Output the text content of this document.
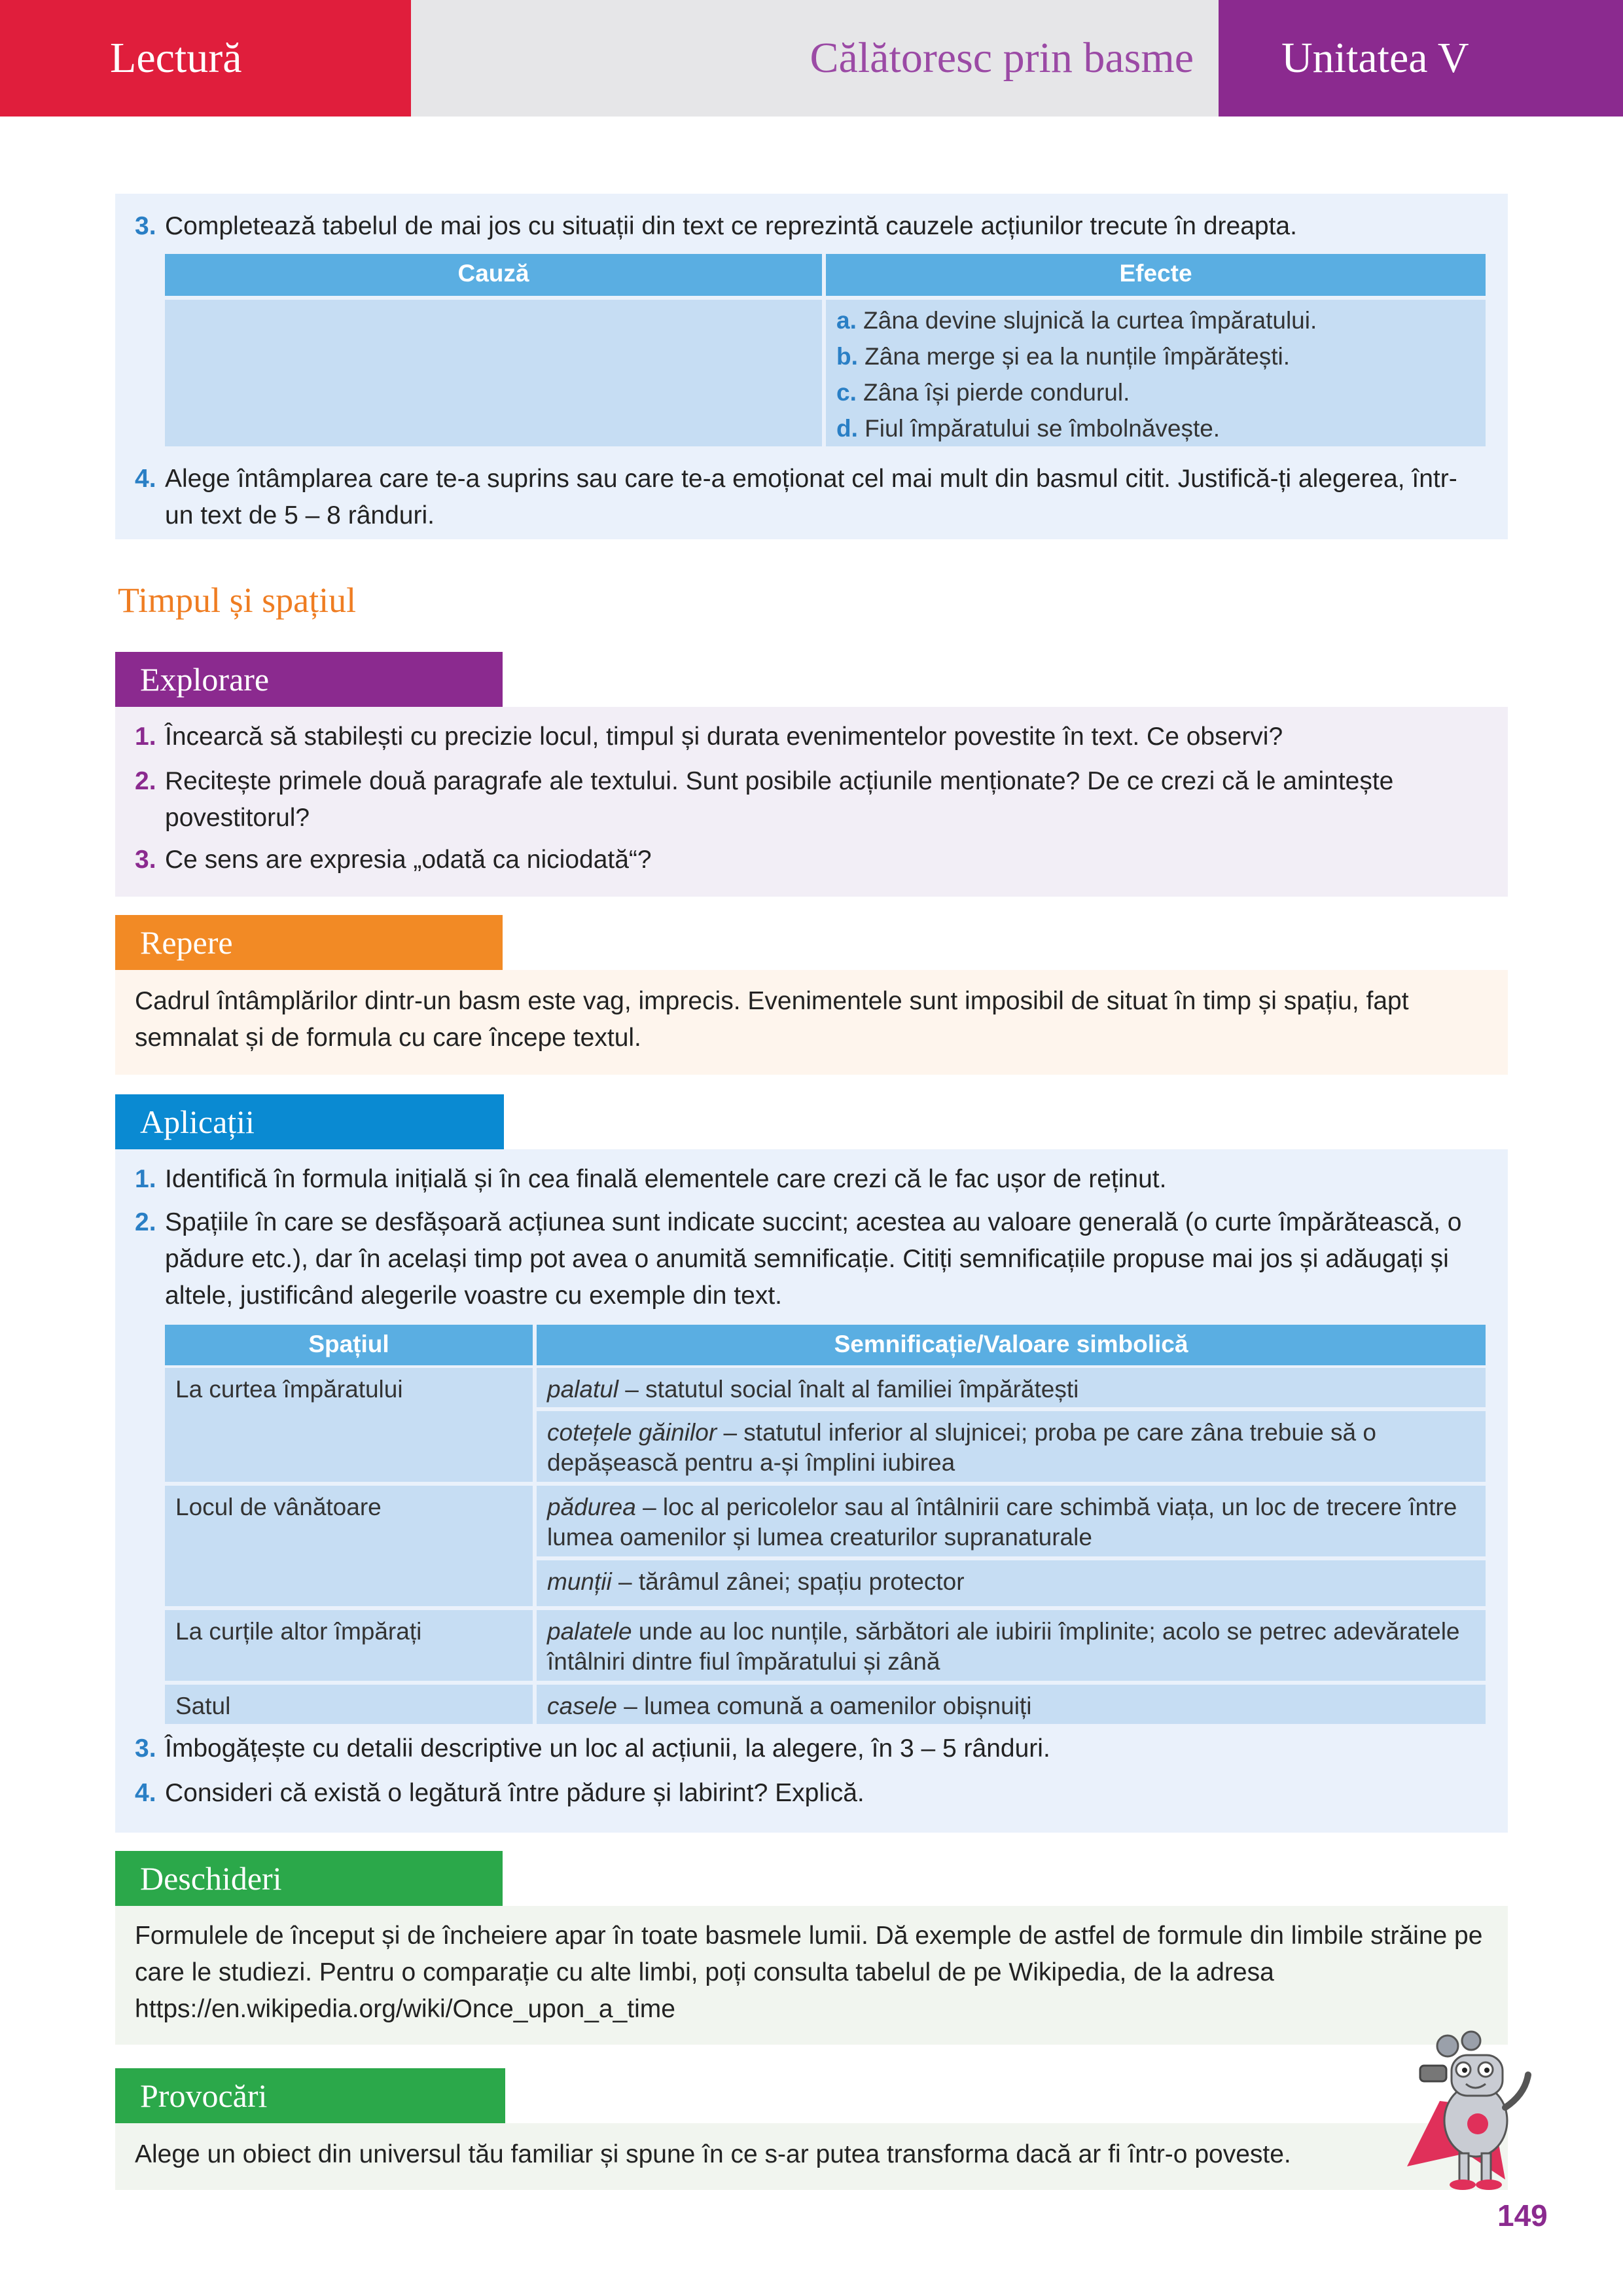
Lectură	Călătoresc prin basme	Unitatea V
3. Completează tabelul de mai jos cu situații din text ce reprezintă cauzele acțiunilor trecute în dreapta.
Cauză	Efecte
a. Zâna devine slujnică la curtea împăratului.
b. Zâna merge și ea la nunțile împărătești.
c. Zâna își pierde condurul.
d. Fiul împăratului se îmbolnăvește.
4. Alege întâmplarea care te-a suprins sau care te-a emoționat cel mai mult din basmul citit. Justifică-ți alegerea, într-un text de 5 – 8 rânduri.
Timpul și spațiul
Explorare
1. Încearcă să stabilești cu precizie locul, timpul și durata evenimentelor povestite în text. Ce observi?
2. Recitește primele două paragrafe ale textului. Sunt posibile acțiunile menționate? De ce crezi că le amintește povestitorul?
3. Ce sens are expresia „odată ca niciodată“?
Repere
Cadrul întâmplărilor dintr-un basm este vag, imprecis. Evenimentele sunt imposibil de situat în timp și spațiu, fapt semnalat și de formula cu care începe textul.
Aplicații
1. Identifică în formula inițială și în cea finală elementele care crezi că le fac ușor de reținut.
2. Spațiile în care se desfășoară acțiunea sunt indicate succint; acestea au valoare generală (o curte împărătească, o pădure etc.), dar în același timp pot avea o anumită semnificație. Citiți semnificațiile propuse mai jos și adăugați și altele, justificând alegerile voastre cu exemple din text.
Spațiul	Semnificație/Valoare simbolică
La curtea împăratului	palatul – statutul social înalt al familiei împărătești
cotețele găinilor – statutul inferior al slujnicei; proba pe care zâna trebuie să o depășească pentru a-și împlini iubirea
Locul de vânătoare	pădurea – loc al pericolelor sau al întâlnirii care schimbă viața, un loc de trecere între lumea oamenilor și lumea creaturilor supranaturale
munții – tărâmul zânei; spațiu protector
La curțile altor împărați	palatele unde au loc nunțile, sărbători ale iubirii împlinite; acolo se petrec adevăratele întâlniri dintre fiul împăratului și zână
Satul	casele – lumea comună a oamenilor obișnuiți
3. Îmbogățește cu detalii descriptive un loc al acțiunii, la alegere, în 3 – 5 rânduri.
4. Consideri că există o legătură între pădure și labirint? Explică.
Deschideri
Formulele de început și de încheiere apar în toate basmele lumii. Dă exemple de astfel de formule din limbile străine pe care le studiezi. Pentru o comparație cu alte limbi, poți consulta tabelul de pe Wikipedia, de la adresa https://en.wikipedia.org/wiki/Once_upon_a_time
Provocări
Alege un obiect din universul tău familiar și spune în ce s-ar putea transforma dacă ar fi într-o poveste.
149
